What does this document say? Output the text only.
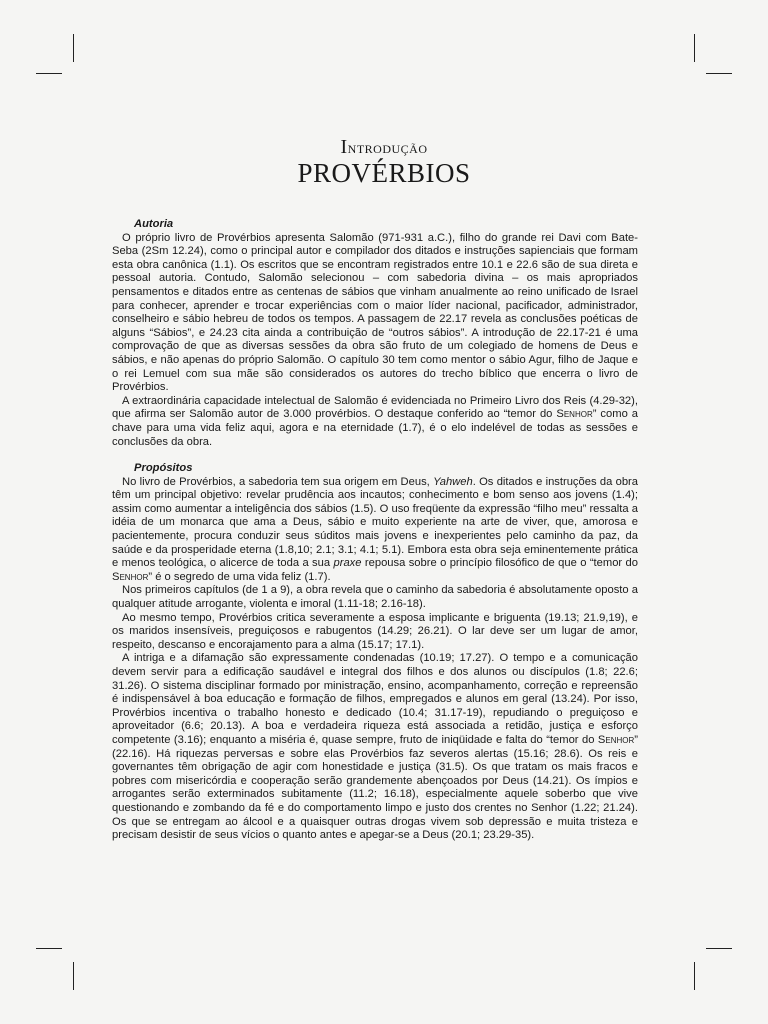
Introdução
PROVÉRBIOS
Autoria

O próprio livro de Provérbios apresenta Salomão (971-931 a.C.), filho do grande rei Davi com Bate-Seba (2Sm 12.24), como o principal autor e compilador dos ditados e instruções sapienciais que formam esta obra canônica (1.1). Os escritos que se encontram registrados entre 10.1 e 22.6 são de sua direta e pessoal autoria. Contudo, Salomão selecionou – com sabedoria divina – os mais apropriados pensamentos e ditados entre as centenas de sábios que vinham anualmente ao reino unificado de Israel para conhecer, aprender e trocar experiências com o maior líder nacional, pacificador, administrador, conselheiro e sábio hebreu de todos os tempos. A passagem de 22.17 revela as conclusões poéticas de alguns “Sábios”, e 24.23 cita ainda a contribuição de “outros sábios”. A introdução de 22.17-21 é uma comprovação de que as diversas sessões da obra são fruto de um colegiado de homens de Deus e sábios, e não apenas do próprio Salomão. O capítulo 30 tem como mentor o sábio Agur, filho de Jaque e o rei Lemuel com sua mãe são considerados os autores do trecho bíblico que encerra o livro de Provérbios.

A extraordinária capacidade intelectual de Salomão é evidenciada no Primeiro Livro dos Reis (4.29-32), que afirma ser Salomão autor de 3.000 provérbios. O destaque conferido ao “temor do Senhor” como a chave para uma vida feliz aqui, agora e na eternidade (1.7), é o elo indelével de todas as sessões e conclusões da obra.

Propósitos

No livro de Provérbios, a sabedoria tem sua origem em Deus, Yahweh. Os ditados e instruções da obra têm um principal objetivo: revelar prudência aos incautos; conhecimento e bom senso aos jovens (1.4); assim como aumentar a inteligência dos sábios (1.5). O uso freqüente da expressão “filho meu” ressalta a idéia de um monarca que ama a Deus, sábio e muito experiente na arte de viver, que, amorosa e pacientemente, procura conduzir seus súditos mais jovens e inexperientes pelo caminho da paz, da saúde e da prosperidade eterna (1.8,10; 2.1; 3.1; 4.1; 5.1). Embora esta obra seja eminentemente prática e menos teológica, o alicerce de toda a sua praxe repousa sobre o princípio filosófico de que o “temor do Senhor” é o segredo de uma vida feliz (1.7).

Nos primeiros capítulos (de 1 a 9), a obra revela que o caminho da sabedoria é absolutamente oposto a qualquer atitude arrogante, violenta e imoral (1.11-18; 2.16-18).

Ao mesmo tempo, Provérbios critica severamente a esposa implicante e briguenta (19.13; 21.9,19), e os maridos insensíveis, preguiçosos e rabugentos (14.29; 26.21). O lar deve ser um lugar de amor, respeito, descanso e encorajamento para a alma (15.17; 17.1).

A intriga e a difamação são expressamente condenadas (10.19; 17.27). O tempo e a comunicação devem servir para a edificação saudável e integral dos filhos e dos alunos ou discípulos (1.8; 22.6; 31.26). O sistema disciplinar formado por ministração, ensino, acompanhamento, correção e repreensão é indispensável à boa educação e formação de filhos, empregados e alunos em geral (13.24). Por isso, Provérbios incentiva o trabalho honesto e dedicado (10.4; 31.17-19), repudiando o preguiçoso e aproveitador (6.6; 20.13). A boa e verdadeira riqueza está associada a retidão, justiça e esforço competente (3.16); enquanto a miséria é, quase sempre, fruto de iniqüidade e falta do “temor do Senhor” (22.16). Há riquezas perversas e sobre elas Provérbios faz severos alertas (15.16; 28.6). Os reis e governantes têm obrigação de agir com honestidade e justiça (31.5). Os que tratam os mais fracos e pobres com misericórdia e cooperação serão grandemente abençoados por Deus (14.21). Os ímpios e arrogantes serão exterminados subitamente (11.2; 16.18), especialmente aquele soberbo que vive questionando e zombando da fé e do comportamento limpo e justo dos crentes no Senhor (1.22; 21.24). Os que se entregam ao álcool e a quaisquer outras drogas vivem sob depressão e muita tristeza e precisam desistir de seus vícios o quanto antes e apegar-se a Deus (20.1; 23.29-35).
